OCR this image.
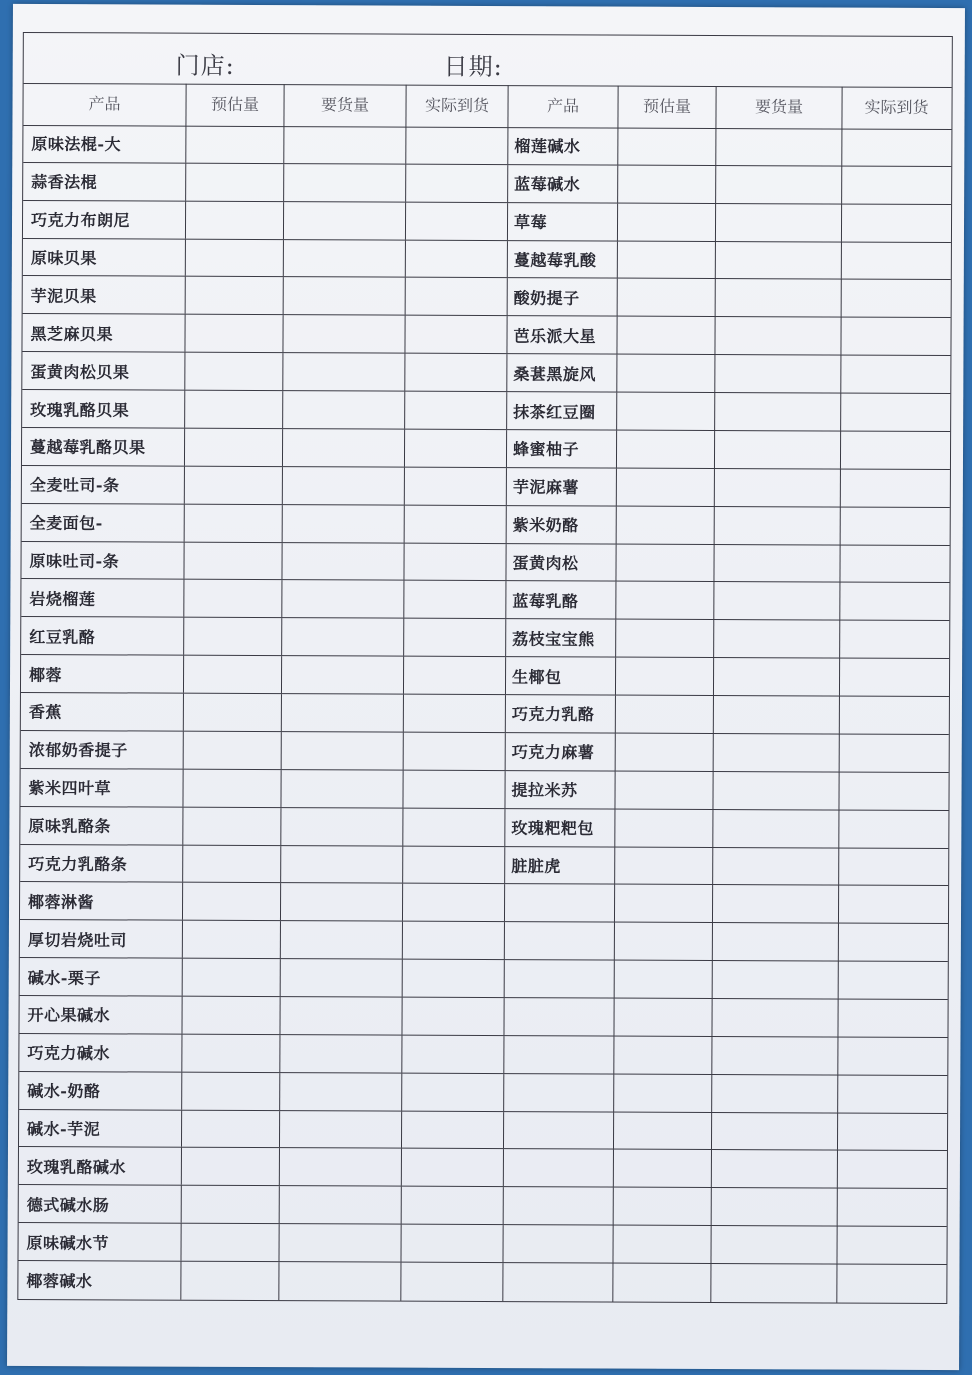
门店:	日期:
产品	预估量	要货量	实际到货	产品	预估量	要货量	实际到货
原味法棍-大	榴莲碱水
蒜香法棍	蓝莓碱水
巧克力布朗尼	草莓
原味贝果	蔓越莓乳酸
芋泥贝果	酸奶提子
黑芝麻贝果	芭乐派大星
蛋黄肉松贝果	桑葚黑旋风
玫瑰乳酪贝果	抹茶红豆圈
蔓越莓乳酪贝果	蜂蜜柚子
全麦吐司-条	芋泥麻薯
全麦面包-	紫米奶酪
原味吐司-条	蛋黄肉松
岩烧榴莲	蓝莓乳酪
红豆乳酪	荔枝宝宝熊
椰蓉	生椰包
香蕉	巧克力乳酪
浓郁奶香提子	巧克力麻薯
紫米四叶草	提拉米苏
原味乳酪条	玫瑰粑粑包
巧克力乳酪条	脏脏虎
椰蓉淋酱
厚切岩烧吐司
碱水-栗子
开心果碱水
巧克力碱水
碱水-奶酪
碱水-芋泥
玫瑰乳酪碱水
德式碱水肠
原味碱水节
椰蓉碱水
